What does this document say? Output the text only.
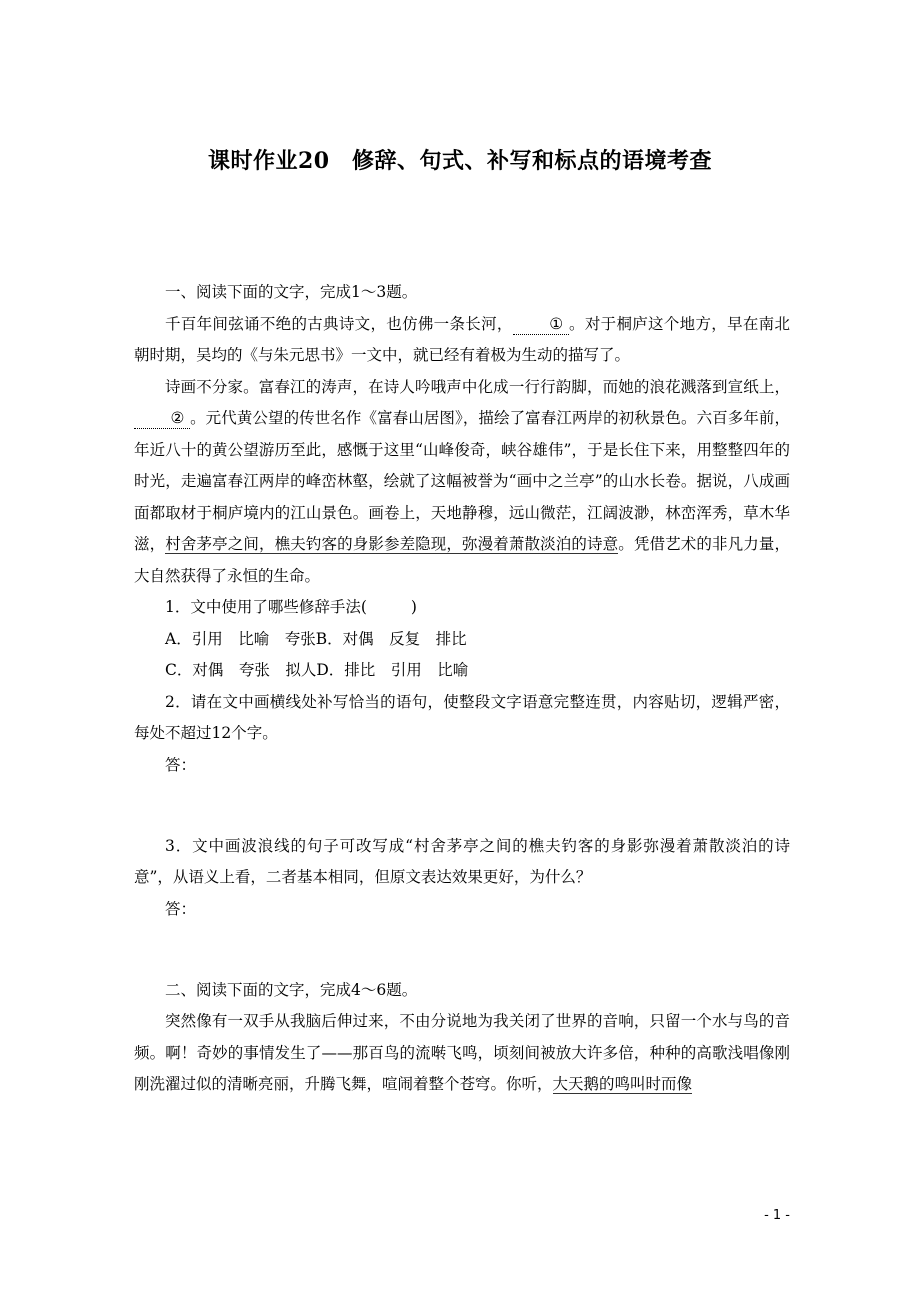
课时作业20　修辞、句式、补写和标点的语境考查

一、阅读下面的文字，完成1～3题。

千百年间弦诵不绝的古典诗文，也仿佛一条长河， ① 。对于桐庐这个地方，早在南北朝时期，吴均的《与朱元思书》一文中，就已经有着极为生动的描写了。

诗画不分家。富春江的涛声，在诗人吟哦声中化成一行行韵脚，而她的浪花溅落到宣纸上，② 。元代黄公望的传世名作《富春山居图》，描绘了富春江两岸的初秋景色。六百多年前，年近八十的黄公望游历至此，感慨于这里“山峰俊奇，峡谷雄伟”，于是长住下来，用整整四年的时光，走遍富春江两岸的峰峦林壑，绘就了这幅被誉为“画中之兰亭”的山水长卷。据说，八成画面都取材于桐庐境内的江山景色。画卷上，天地静穆，远山微茫，江阔波渺，林峦浑秀，草木华滋，村舍茅亭之间，樵夫钓客的身影参差隐现，弥漫着萧散淡泊的诗意。凭借艺术的非凡力量，大自然获得了永恒的生命。

1．文中使用了哪些修辞手法(	)

A．引用　比喻　夸张B．对偶　反复　排比

C．对偶　夸张　拟人D．排比　引用　比喻

2．请在文中画横线处补写恰当的语句，使整段文字语意完整连贯，内容贴切，逻辑严密，每处不超过12个字。

答：

3．文中画波浪线的句子可改写成“村舍茅亭之间的樵夫钓客的身影弥漫着萧散淡泊的诗意”，从语义上看，二者基本相同，但原文表达效果更好，为什么？

答：

二、阅读下面的文字，完成4～6题。

突然像有一双手从我脑后伸过来，不由分说地为我关闭了世界的音响，只留一个水与鸟的音频。啊！奇妙的事情发生了——那百鸟的流啭飞鸣，顷刻间被放大许多倍，种种的高歌浅唱像刚刚洗濯过似的清晰亮丽，升腾飞舞，喧闹着整个苍穹。你听，大天鹅的鸣叫时而像

- 1 -
